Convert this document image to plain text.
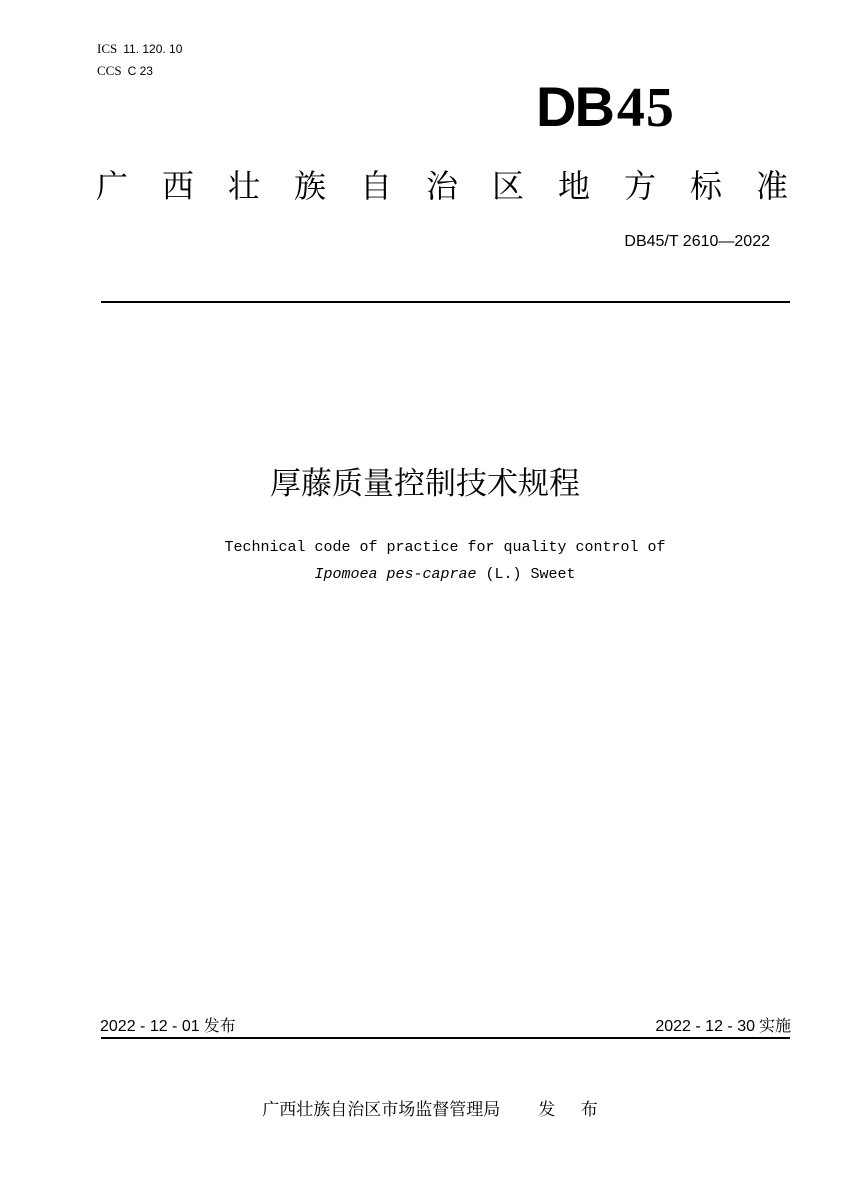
ICS 11. 120. 10
CCS C 23
DB45
广 西 壮 族 自 治 区 地 方 标 准
DB45/T 2610—2022
厚藤质量控制技术规程
Technical code of practice for quality control of
Ipomoea pes-caprae (L.) Sweet
2022 - 12 - 01 发布	2022 - 12 - 30 实施
广西壮族自治区市场监督管理局 发 布
